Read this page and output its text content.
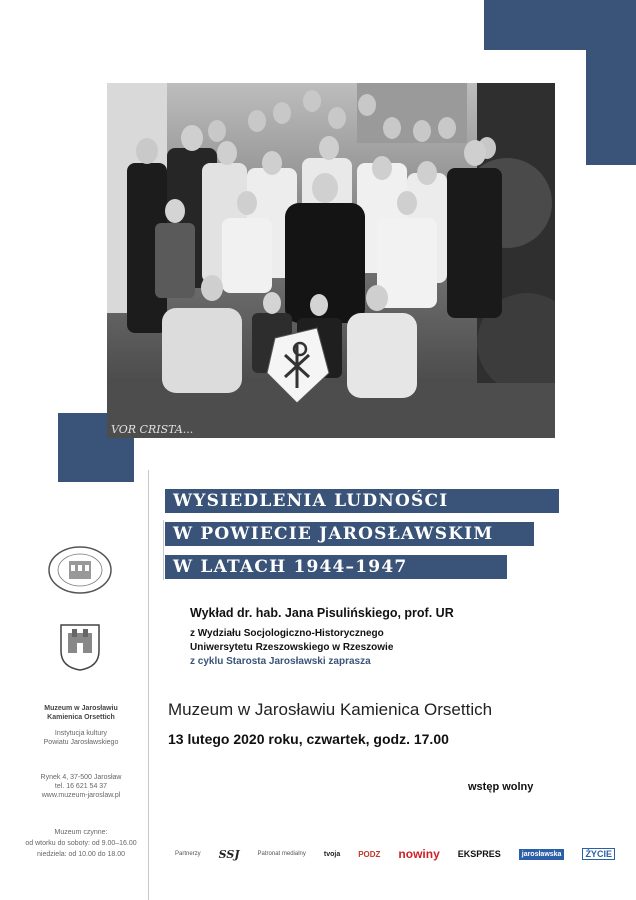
VOR CRISTA...
WYSIEDLENIA LUDNOŚCI
W POWIECIE JAROSŁAWSKIM
W LATACH 1944–1947
Muzeum w Jarosławiu
Kamienica Orsettich
Instytucja kultury
Powiatu Jarosławskiego
Rynek 4, 37-500 Jarosław
tel. 16 621 54 37
www.muzeum-jaroslaw.pl
Muzeum czynne:
od wtorku do soboty: od 9.00–16.00
niedziela: od 10.00 do 18.00
Wykład dr. hab. Jana Pisulińskiego, prof. UR
z Wydziału Socjologiczno-Historycznego
Uniwersytetu Rzeszowskiego w Rzeszowie
z cyklu Starosta Jarosławski zaprasza
Muzeum w Jarosławiu Kamienica Orsettich
13 lutego 2020 roku, czwartek, godz. 17.00
wstęp wolny
Partnerzy SSJ	Patronat medialny	tvoja PODZ nowiny EKSPRES	jarosławska	ŻYCIE
